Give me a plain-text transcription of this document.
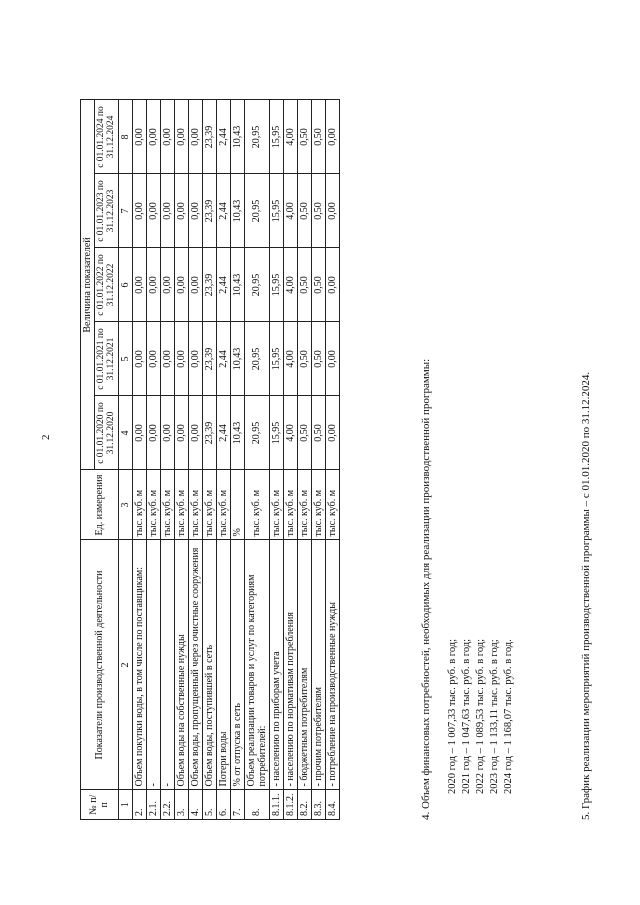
2
№ п/п	Показатели производственной деятельности	Ед. измерения	Величина показателей				
			с 01.01.2020 по 31.12.2020	с 01.01.2021 по 31.12.2021	с 01.01.2022 по 31.12.2022	с 01.01.2023 по 31.12.2023	с 01.01.2024 по 31.12.2024
1	2	3	4	5	6	7	8
2.	Объем покупки воды, в том числе по поставщикам:	тыс. куб. м	0,00	0,00	0,00	0,00	0,00
2.1.	-	тыс. куб. м	0,00	0,00	0,00	0,00	0,00
2.2.	-	тыс. куб. м	0,00	0,00	0,00	0,00	0,00
3.	Объем воды на собственные нужды	тыс. куб. м	0,00	0,00	0,00	0,00	0,00
4.	Объем воды, пропущенный через очистные сооружения	тыс. куб. м	0,00	0,00	0,00	0,00	0,00
5.	Объем воды, поступившей в сеть	тыс. куб. м	23,39	23,39	23,39	23,39	23,39
6.	Потери воды	тыс. куб. м	2,44	2,44	2,44	2,44	2,44
7.	% от отпуска в сеть	%	10,43	10,43	10,43	10,43	10,43
8.	Объем реализации товаров и услуг по категориям потребителей:	тыс. куб. м	20,95	20,95	20,95	20,95	20,95
8.1.1.	- населению по приборам учета	тыс. куб. м	15,95	15,95	15,95	15,95	15,95
8.1.2.	- населению по нормативам потребления	тыс. куб. м	4,00	4,00	4,00	4,00	4,00
8.2.	- бюджетным потребителям	тыс. куб. м	0,50	0,50	0,50	0,50	0,50
8.3.	- прочим потребителям	тыс. куб. м	0,50	0,50	0,50	0,50	0,50
8.4.	- потребление на производственные нужды	тыс. куб. м	0,00	0,00	0,00	0,00	0,00

4. Объем финансовых потребностей, необходимых для реализации производственной программы: 2020 год – 1 007,33 тыс. руб. в год; 2021 год – 1 047,63 тыс. руб. в год; 2022 год – 1 089,53 тыс. руб. в год; 2023 год – 1 133,11 тыс. руб. в год; 2024 год – 1 168,07 тыс. руб. в год.	5. График реализации мероприятий производственной программы – с 01.01.2020 по 31.12.2024.
